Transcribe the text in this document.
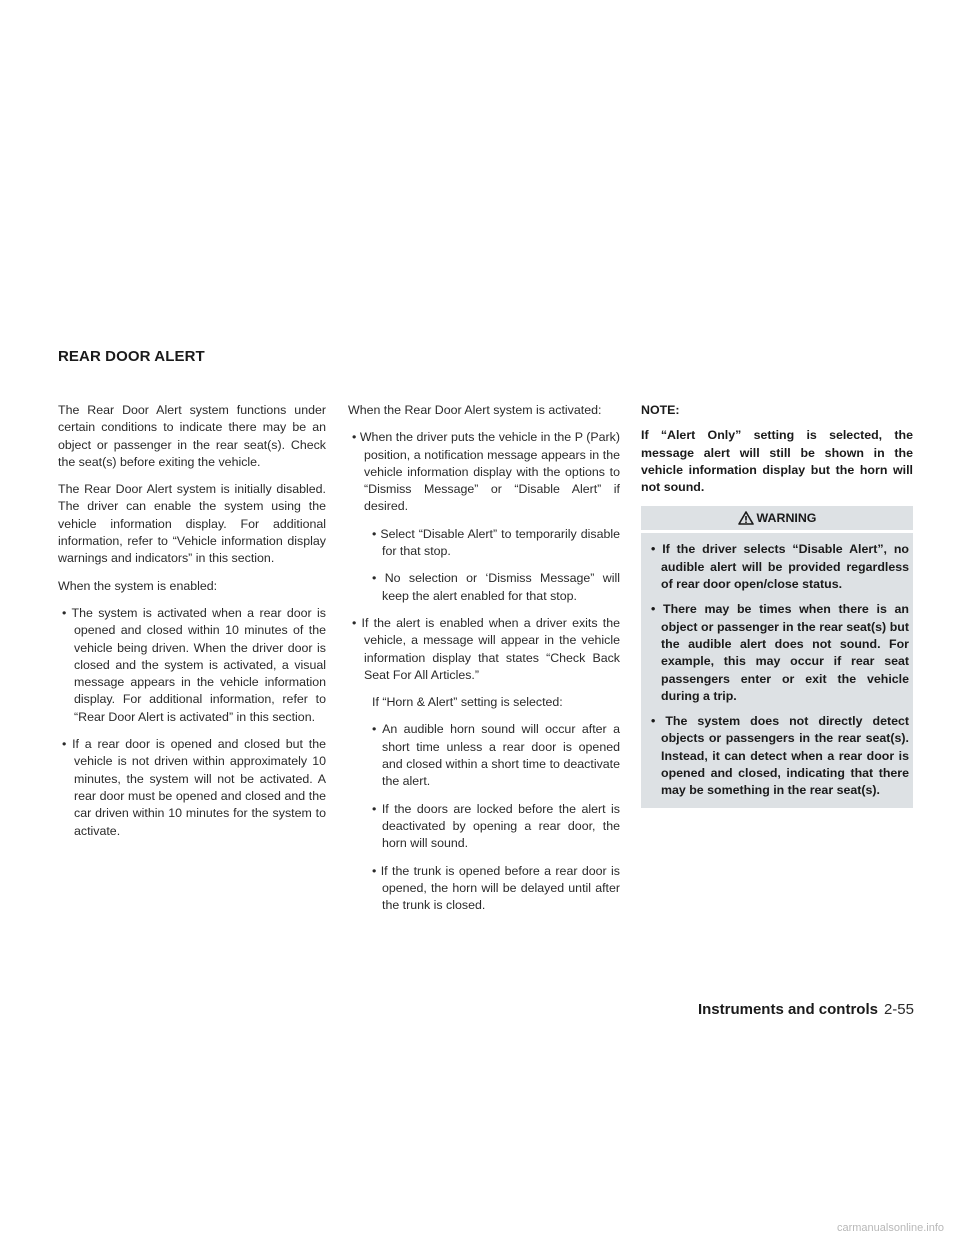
REAR DOOR ALERT

The Rear Door Alert system functions under certain conditions to indicate there may be an object or passenger in the rear seat(s). Check the seat(s) before exiting the vehicle.

The Rear Door Alert system is initially disabled. The driver can enable the system using the vehicle information display. For additional information, refer to “Vehicle information display warnings and indicators” in this section.

When the system is enabled:

• The system is activated when a rear door is opened and closed within 10 minutes of the vehicle being driven. When the driver door is closed and the system is activated, a visual message appears in the vehicle information display. For additional information, refer to “Rear Door Alert is activated” in this section.

• If a rear door is opened and closed but the vehicle is not driven within approximately 10 minutes, the system will not be activated. A rear door must be opened and closed and the car driven within 10 minutes for the system to activate.

When the Rear Door Alert system is activated:

• When the driver puts the vehicle in the P (Park) position, a notification message appears in the vehicle information display with the options to “Dismiss Message” or “Disable Alert” if desired.

• Select “Disable Alert” to temporarily disable for that stop.

• No selection or ‘Dismiss Message” will keep the alert enabled for that stop.

• If the alert is enabled when a driver exits the vehicle, a message will appear in the vehicle information display that states “Check Back Seat For All Articles.”

If “Horn & Alert” setting is selected:

• An audible horn sound will occur after a short time unless a rear door is opened and closed within a short time to deactivate the alert.

• If the doors are locked before the alert is deactivated by opening a rear door, the horn will sound.

• If the trunk is opened before a rear door is opened, the horn will be delayed until after the trunk is closed.

NOTE:

If “Alert Only” setting is selected, the message alert will still be shown in the vehicle information display but the horn will not sound.

WARNING

• If the driver selects “Disable Alert”, no audible alert will be provided regardless of rear door open/close status.

• There may be times when there is an object or passenger in the rear seat(s) but the audible alert does not sound. For example, this may occur if rear seat passengers enter or exit the vehicle during a trip.

• The system does not directly detect objects or passengers in the rear seat(s). Instead, it can detect when a rear door is opened and closed, indicating that there may be something in the rear seat(s).

Instruments and controls 2-55
carmanualsonline.info
